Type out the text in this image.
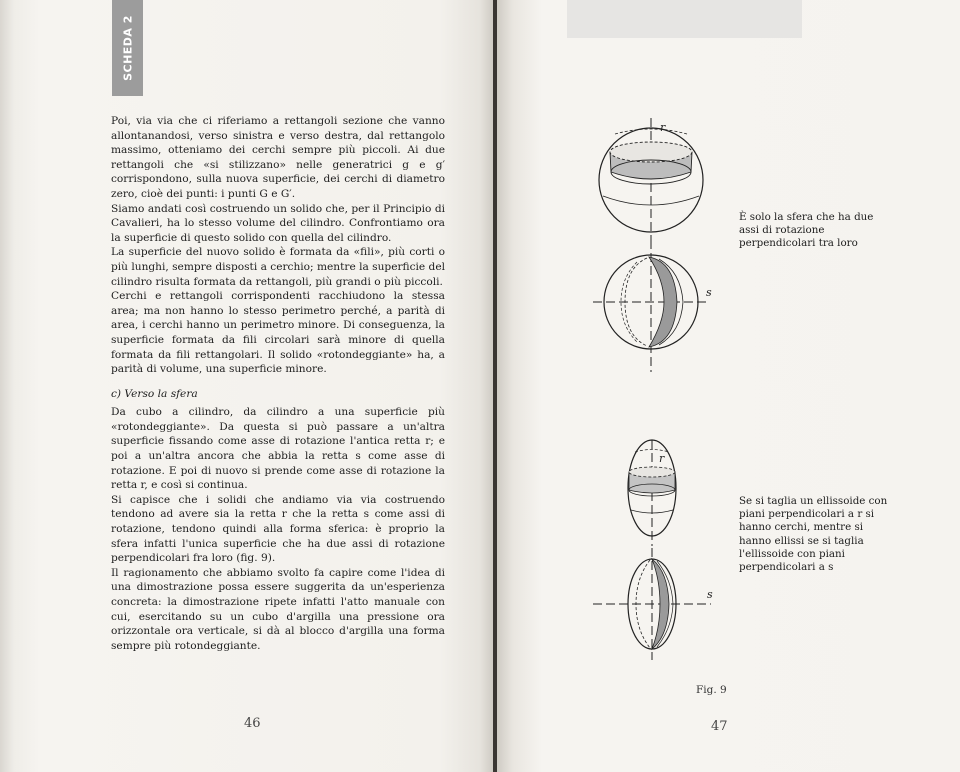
SCHEDA 2

Poi, via via che ci riferiamo a rettangoli sezione che vanno allontanandosi, verso sinistra e verso destra, dal rettangolo massimo, otteniamo dei cerchi sempre più piccoli. Ai due rettangoli che «si stilizzano» nelle generatrici g e g′ corrispondono, sulla nuova superficie, dei cerchi di diametro zero, cioè dei punti: i punti G e G′.

Siamo andati così costruendo un solido che, per il Principio di Cavalieri, ha lo stesso volume del cilindro. Confrontiamo ora la superficie di questo solido con quella del cilindro.

La superficie del nuovo solido è formata da «fili», più corti o più lunghi, sempre disposti a cerchio; mentre la superficie del cilindro risulta formata da rettangoli, più grandi o più piccoli.

Cerchi e rettangoli corrispondenti racchiudono la stessa area; ma non hanno lo stesso perimetro perché, a parità di area, i cerchi hanno un perimetro minore. Di conseguenza, la superficie formata da fili circolari sarà minore di quella formata da fili rettangolari. Il solido «rotondeggiante» ha, a parità di volume, una superficie minore.

c) Verso la sfera

Da cubo a cilindro, da cilindro a una superficie più «rotondeggiante». Da questa si può passare a un'altra superficie fissando come asse di rotazione l'antica retta r; e poi a un'altra ancora che abbia la retta s come asse di rotazione. E poi di nuovo si prende come asse di rotazione la retta r, e così si continua.

Si capisce che i solidi che andiamo via via costruendo tendono ad avere sia la retta r che la retta s come assi di rotazione, tendono quindi alla forma sferica: è proprio la sfera infatti l'unica superficie che ha due assi di rotazione perpendicolari fra loro (fig. 9).

Il ragionamento che abbiamo svolto fa capire come l'idea di una dimostrazione possa essere suggerita da un'esperienza concreta: la dimostrazione ripete infatti l'atto manuale con cui, esercitando su un cubo d'argilla una pressione ora orizzontale ora verticale, si dà al blocco d'argilla una forma sempre più rotondeggiante.

46
r
s
r
s
È solo la sfera che ha due assi di rotazione perpendicolari tra loro
Se si taglia un ellissoide con piani perpendicolari a r si hanno cerchi, mentre si hanno ellissi se si taglia l'ellissoide con piani perpendicolari a s
Fig. 9
47
